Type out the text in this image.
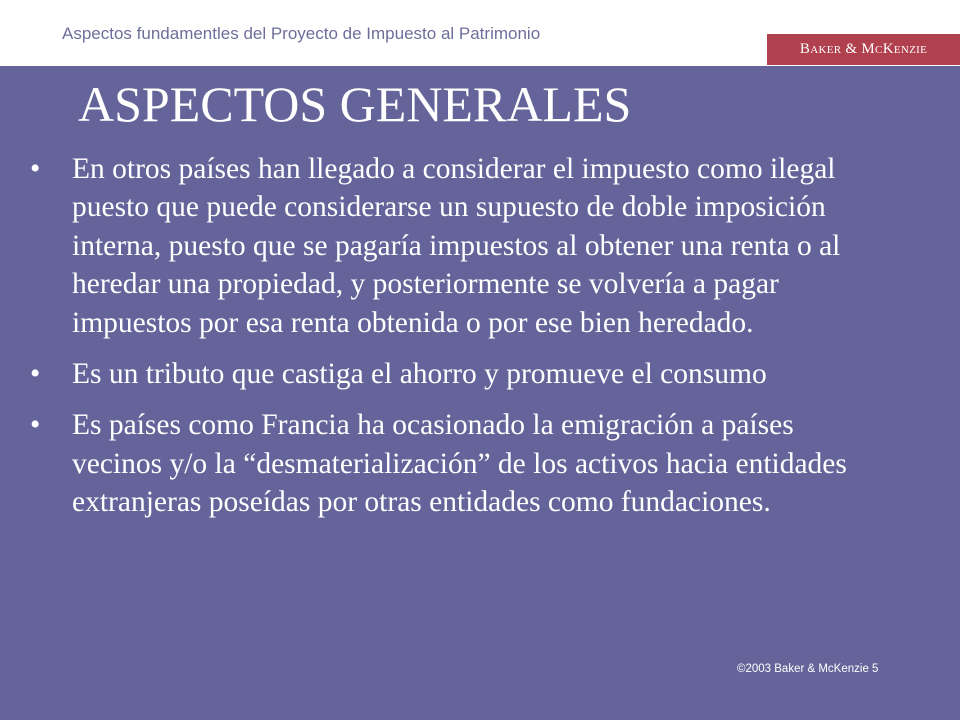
Aspectos fundamentles del Proyecto de Impuesto al Patrimonio
Baker & McKenzie
ASPECTOS GENERALES
• En otros países han llegado a considerar el impuesto como ilegal puesto que puede considerarse un supuesto de doble imposición interna, puesto que se pagaría impuestos al obtener una renta o al heredar una propiedad, y posteriormente se volvería a pagar impuestos por esa renta obtenida o por ese bien heredado.
• Es un tributo que castiga el ahorro y promueve el consumo
• Es países como Francia ha ocasionado la emigración a países vecinos y/o la “desmaterialización” de los activos hacia entidades extranjeras poseídas por otras entidades como fundaciones.
©2003 Baker & McKenzie 5
